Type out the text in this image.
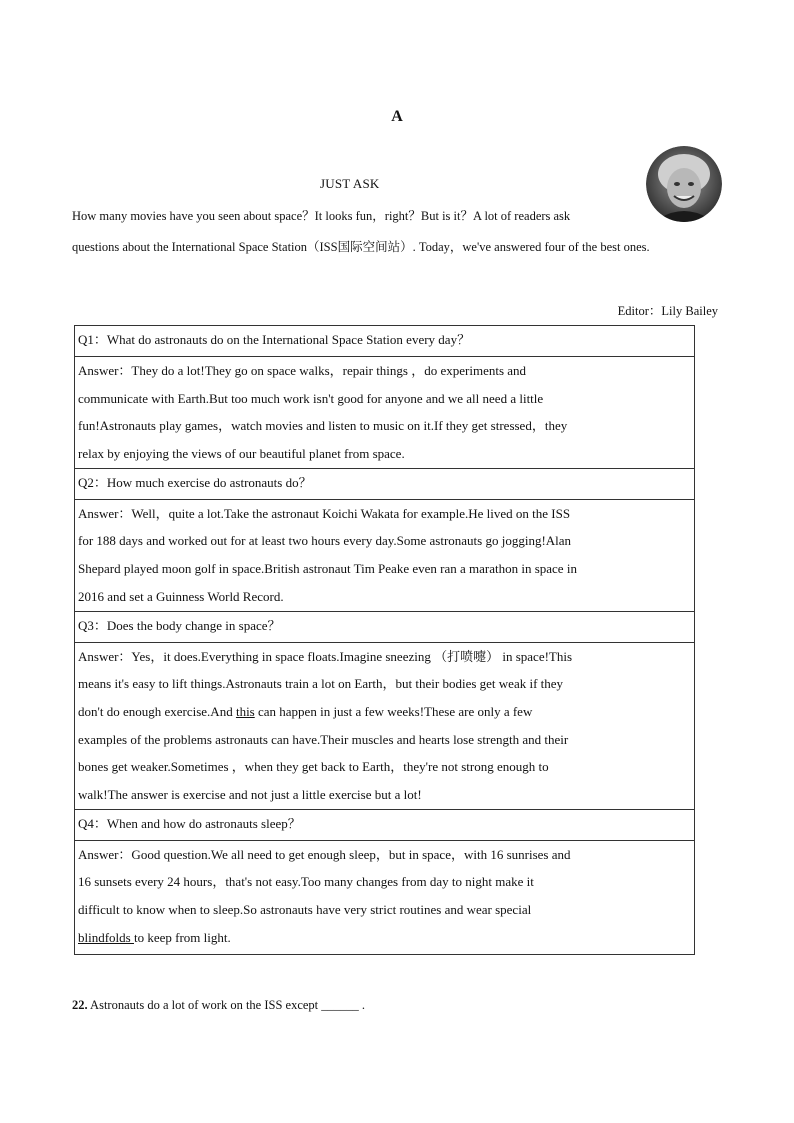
A
JUST ASK
How many movies have you seen about space？It looks fun，right？But is it？A lot of readers ask
questions about the International Space Station（ISS国际空间站）. Today，we've answered four of the best ones.
Editor：Lily Bailey
Q1：What do astronauts do on the International Space Station every day？

Answer：They do a lot!They go on space walks，repair things ，do experiments and
communicate with Earth.But too much work isn't good for anyone and we all need a little
fun!Astronauts play games，watch movies and listen to music on it.If they get stressed，they
relax by enjoying the views of our beautiful planet from space.

Q2：How much exercise do astronauts do？

Answer：Well，quite a lot.Take the astronaut Koichi Wakata for example.He lived on the ISS
for 188 days and worked out for at least two hours every day.Some astronauts go jogging!Alan
Shepard played moon golf in space.British astronaut Tim Peake even ran a marathon in space in
2016 and set a Guinness World Record.

Q3：Does the body change in space？

Answer：Yes，it does.Everything in space floats.Imagine sneezing （打喷嚏） in space!This
means it's easy to lift things.Astronauts train a lot on Earth，but their bodies get weak if they
don't do enough exercise.And this can happen in just a few weeks!These are only a few
examples of the problems astronauts can have.Their muscles and hearts lose strength and their
bones get weaker.Sometimes ，when they get back to Earth，they're not strong enough to
walk!The answer is exercise and not just a little exercise but a lot!

Q4：When and how do astronauts sleep？

Answer：Good question.We all need to get enough sleep，but in space，with 16 sunrises and
16 sunsets every 24 hours，that's not easy.Too many changes from day to night make it
difficult to know when to sleep.So astronauts have very strict routines and wear special
blindfolds to keep from light.
22. Astronauts do a lot of work on the ISS except ______ .
